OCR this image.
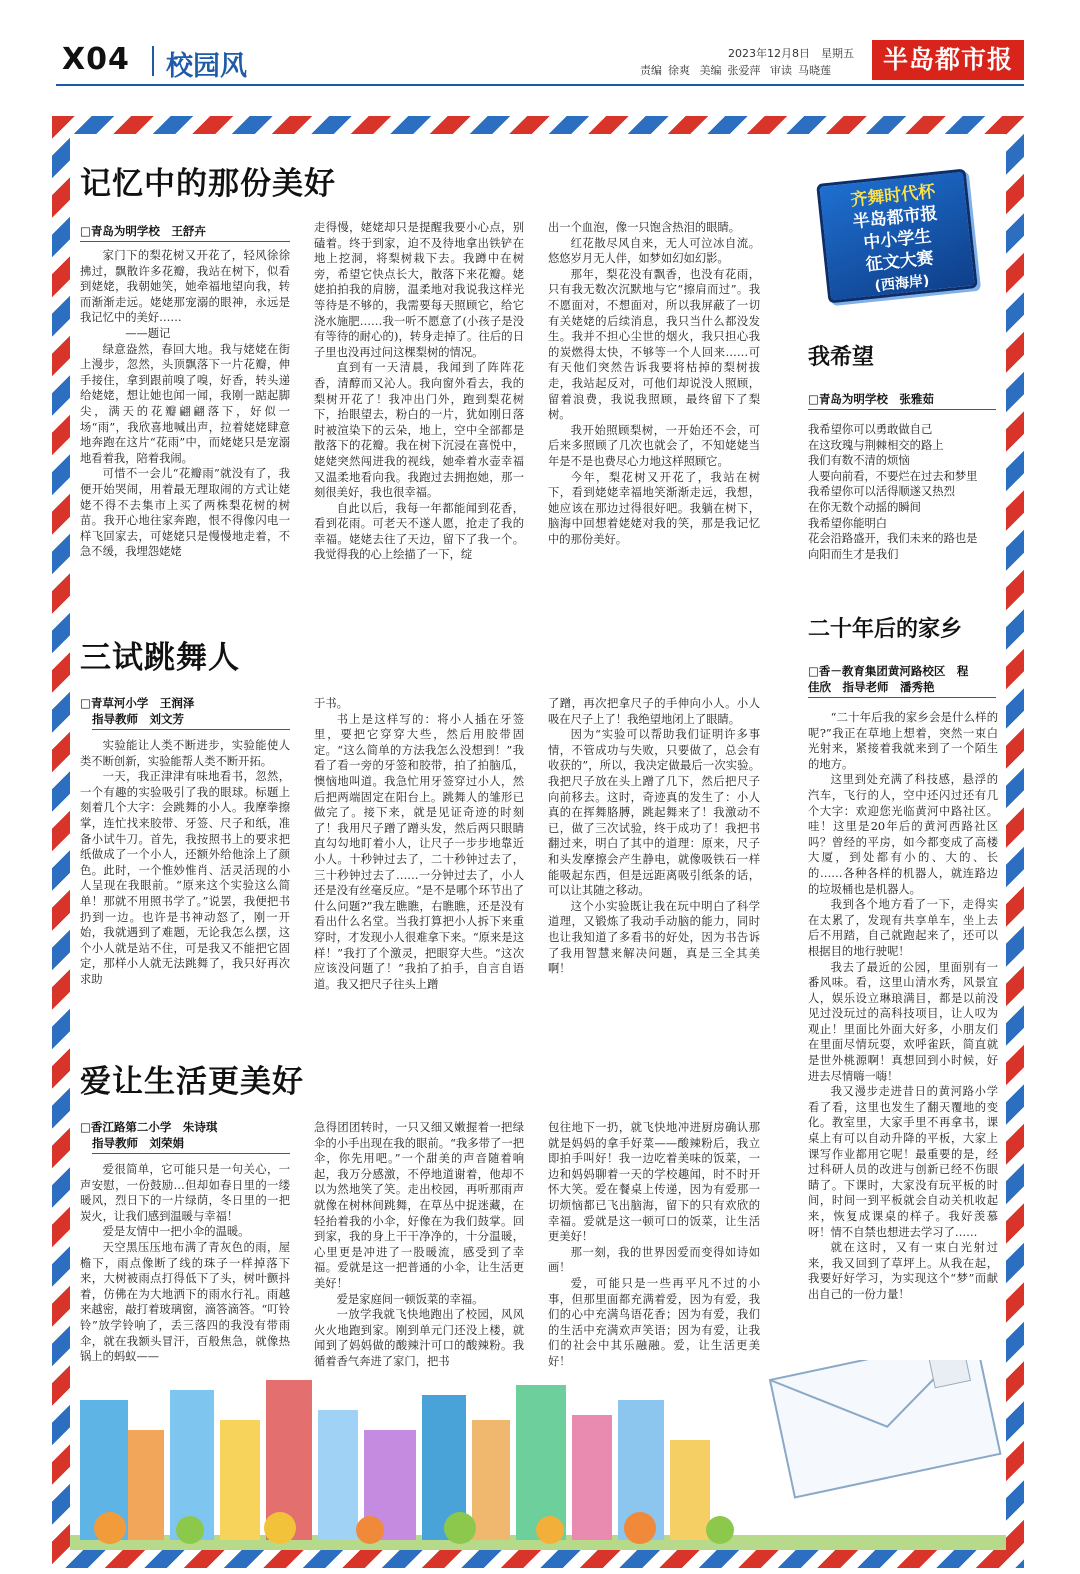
X04 校园风	2023年12月8日　星期五
责编 徐爽 美编 张爱萍 审读 马晓莲	半岛都市报
记忆中的那份美好
□青岛为明学校　王舒卉

家门下的梨花树又开花了，轻风徐徐拂过，飘散许多花瓣，我站在树下，似看到姥姥，我朝她笑，她牵福地望向我，转而渐渐走远。姥姥那宠溺的眼神，永远是我记忆中的美好……

——题记

绿意盎然，春回大地。我与姥姥在街上漫步，忽然，头顶飘落下一片花瓣，伸手接住，拿到跟前嗅了嗅，好香，转头递给姥姥，想让她也闻一闻，我刚一踮起脚尖，满天的花瓣翩翩落下，好似一场“雨”，我欣喜地喊出声，拉着姥姥肆意地奔跑在这片“花雨”中，而姥姥只是宠溺地看着我，陪着我闹。

可惜不一会儿“花瓣雨”就没有了，我便开始哭闹，用着最无理取闹的方式让姥姥不得不去集市上买了两株梨花树的树苗。我开心地往家奔跑，恨不得像闪电一样飞回家去，可姥姥只是慢慢地走着，不急不缓，我埋怨姥姥

走得慢，姥姥却只是提醒我要小心点，别磕着。终于到家，迫不及待地拿出铁铲在地上挖洞，将梨树栽下去。我蹲中在树旁，希望它快点长大，散落下来花瓣。姥姥拍拍我的肩膀，温柔地对我说我这样光等待是不够的，我需要每天照顾它，给它浇水施肥……我一听不愿意了(小孩子是没有等待的耐心的)，转身走掉了。往后的日子里也没再过问这棵梨树的情况。

直到有一天清晨，我闻到了阵阵花香，清醇而又沁人。我向窗外看去，我的梨树开花了！我冲出门外，跑到梨花树下，抬眼望去，粉白的一片，犹如刚日落时被渲染下的云朵，地上，空中全部都是散落下的花瓣。我在树下沉浸在喜悦中，姥姥突然闯进我的视线，她牵着水壶幸福又温柔地看向我。我跑过去拥抱她，那一刻很美好，我也很幸福。

自此以后，我每一年都能闻到花香，看到花雨。可老天不遂人愿，抢走了我的幸福。姥姥去往了天边，留下了我一个。我觉得我的心上绘描了一下，绽

出一个血泡，像一只饱含热泪的眼睛。

红花散尽风自来，无人可泣冰自流。悠悠岁月无人伴，如梦如幻如幻影。

那年，梨花没有飘香，也没有花雨，只有我无数次沉默地与它“擦肩而过”。我不愿面对，不想面对，所以我屏蔽了一切有关姥姥的后续消息，我只当什么都没发生。我并不担心尘世的烟火，我只担心我的炭燃得太快，不够等一个人回来……可有天他们突然告诉我要将枯掉的梨树拔走，我站起反对，可他们却说没人照顾，留着浪费，我说我照顾，最终留下了梨树。

我开始照顾梨树，一开始还不会，可后来多照顾了几次也就会了，不知姥姥当年是不是也费尽心力地这样照顾它。

今年，梨花树又开花了，我站在树下，看到姥姥幸福地笑渐渐走远，我想，她应该在那边过得很好吧。我躺在树下，脑海中回想着姥姥对我的笑，那是我记忆中的那份美好。

齐舞时代杯
半岛都市报
中小学生
征文大赛
(西海岸)
我希望
□青岛为明学校　张雅茹
我希望你可以勇敢做自己
在这玫瑰与荆棘相交的路上
我们有数不清的烦恼
人要向前看，不要烂在过去和梦里
我希望你可以活得顺遂又热烈
在你无数个动摇的瞬间
我希望你能明白
花会沿路盛开，我们未来的路也是
向阳而生才是我们
二十年后的家乡
□香－教育集团黄河路校区　程
佳欣　指导老师　潘秀艳

“二十年后我的家乡会是什么样的呢?”我正在草地上想着，突然一束白光射来，紧接着我就来到了一个陌生的地方。

这里到处充满了科技感，悬浮的汽车，飞行的人，空中还闪过还有几个大字：欢迎您光临黄河中路社区。哇！这里是20年后的黄河西路社区吗？曾经的平房，如今都变成了高楼大厦，到处都有小的、大的、长的……各种各样的机器人，就连路边的垃圾桶也是机器人。

我到各个地方看了一下，走得实在太累了，发现有共享单车，坐上去后不用踏，自己就跑起来了，还可以根据目的地行驶呢！

我去了最近的公园，里面别有一番风味。看，这里山清水秀，风景宜人，娱乐设立琳琅满目，都是以前没见过没玩过的高科技项目，让人叹为观止！里面比外面大好多，小朋友们在里面尽情玩耍，欢呼雀跃，简直就是世外桃源啊！真想回到小时候，好进去尽情嗨一嗨！

我又漫步走进昔日的黄河路小学看了看，这里也发生了翻天覆地的变化。教室里，大家手里不再拿书，课桌上有可以自动升降的平板，大家上课写作业都用它呢！最重要的是，经过科研人员的改进与创新已经不伤眼睛了。下课时，大家没有玩平板的时间，时间一到平板就会自动关机收起来，恢复成课桌的样子。我好羡慕呀！情不自禁也想进去学习了……

就在这时，又有一束白光射过来，我又回到了草坪上。从我在起，我要好好学习，为实现这个“梦”而献出自己的一份力量！

三试跳舞人
□青草河小学　王润泽
指导教师　刘文芳

实验能让人类不断进步，实验能使人类不断创新，实验能帮人类不断开拓。

一天，我正津津有味地看书，忽然，一个有趣的实验吸引了我的眼球。标题上刻着几个大字：会跳舞的小人。我摩拳擦掌，连忙找来胶带、牙签、尺子和纸，准备小试牛刀。首先，我按照书上的要求把纸做成了一个小人，还额外给他涂上了颜色。此时，一个惟妙惟肖、活灵活现的小人呈现在我眼前。“原来这个实验这么简单！那就不用照书学了。”说罢，我便把书扔到一边。也许是书神动怒了，刚一开始，我就遇到了难题，无论我怎么摆，这个小人就是站不住，可是我又不能把它固定，那样小人就无法跳舞了，我只好再次求助

于书。

书上是这样写的：将小人插在牙签里，要把它穿穿大些，然后用胶带固定。“这么简单的方法我怎么没想到！”我看了看一旁的牙签和胶带，拍了拍脑瓜，懊恼地叫道。我急忙用牙签穿过小人，然后把两端固定在阳台上。跳舞人的雏形已做完了。接下来，就是见证奇迹的时刻了！我用尺子蹭了蹭头发，然后两只眼睛直勾勾地盯着小人，让尺子一步步地靠近小人。十秒钟过去了，二十秒钟过去了，三十秒钟过去了……一分钟过去了，小人还是没有丝毫反应。“是不是哪个环节出了什么问题?”我左瞧瞧，右瞧瞧，还是没有看出什么名堂。当我打算把小人拆下来重穿时，才发现小人很难拿下来。“原来是这样！”我打了个激灵，把眼穿大些。“这次应该没问题了！”我拍了拍手，自言自语道。我又把尺子往头上蹭

了蹭，再次把拿尺子的手伸向小人。小人吸在尺子上了！我绝望地闭上了眼睛。

因为“实验可以帮助我们证明许多事情，不管成功与失败，只要做了，总会有收获的”，所以，我决定做最后一次实验。我把尺子放在头上蹭了几下，然后把尺子向前移去。这时，奇迹真的发生了：小人真的在挥舞胳膊，跳起舞来了！我激动不已，做了三次试验，终于成功了！我把书翻过来，明白了其中的道理：原来，尺子和头发摩擦会产生静电，就像吸铁石一样能吸起东西，但是远距离吸引纸条的话，可以让其随之移动。

这个小实验既让我在玩中明白了科学道理，又锻炼了我动手动脑的能力，同时也让我知道了多看书的好处，因为书告诉了我用智慧来解决问题，真是三全其美啊！

爱让生活更美好
□香江路第二小学　朱诗琪
指导教师　刘荣娟

爱很简单，它可能只是一句关心，一声安慰，一份鼓励…但却如春日里的一缕暖风，烈日下的一片绿荫，冬日里的一把炭火，让我们感到温暖与幸福！

爱是友情中一把小伞的温暖。

天空黑压压地布满了青灰色的雨，屋檐下，雨点像断了线的珠子一样掉落下来，大树被雨点打得低下了头，树叶颤抖着，仿佛在为大地洒下的雨水行礼。雨越来越密，敲打着玻璃窗，滴答滴答。“叮铃铃”放学铃响了，丢三落四的我没有带雨伞，就在我额头冒汗，百般焦急，就像热锅上的蚂蚁——

急得团团转时，一只又细又嫩握着一把绿伞的小手出现在我的眼前。“我多带了一把伞，你先用吧。”一个甜美的声音随着响起，我万分感激，不停地道谢着，他却不以为然地笑了笑。走出校园，再听那雨声就像在树林间跳舞，在草丛中捉迷藏，在轻抬着我的小伞，好像在为我们鼓掌。回到家，我的身上干干净净的，十分温暖，心里更是冲进了一股暖流，感受到了幸福。爱就是这一把普通的小伞，让生活更美好！

爱是家庭间一顿饭菜的幸福。

一放学我就飞快地跑出了校园，风风火火地跑到家。刚到单元门还没上楼，就闻到了妈妈做的酸辣汁可口的酸辣粉。我循着香气奔进了家门，把书

包往地下一扔，就飞快地冲进厨房确认那就是妈妈的拿手好菜——酸辣粉后，我立即拍手叫好！我一边吃着美味的饭菜，一边和妈妈聊着一天的学校趣闻，时不时开怀大笑。爱在餐桌上传递，因为有爱那一切烦恼都已飞出脑海，留下的只有欢欣的幸福。爱就是这一顿可口的饭菜，让生活更美好！

那一刻，我的世界因爱而变得如诗如画！

爱，可能只是一些再平凡不过的小事，但那里面都充满着爱，因为有爱，我们的心中充满鸟语花香；因为有爱，我们的生活中充满欢声笑语；因为有爱，让我们的社会中其乐融融。爱，让生活更美好！
